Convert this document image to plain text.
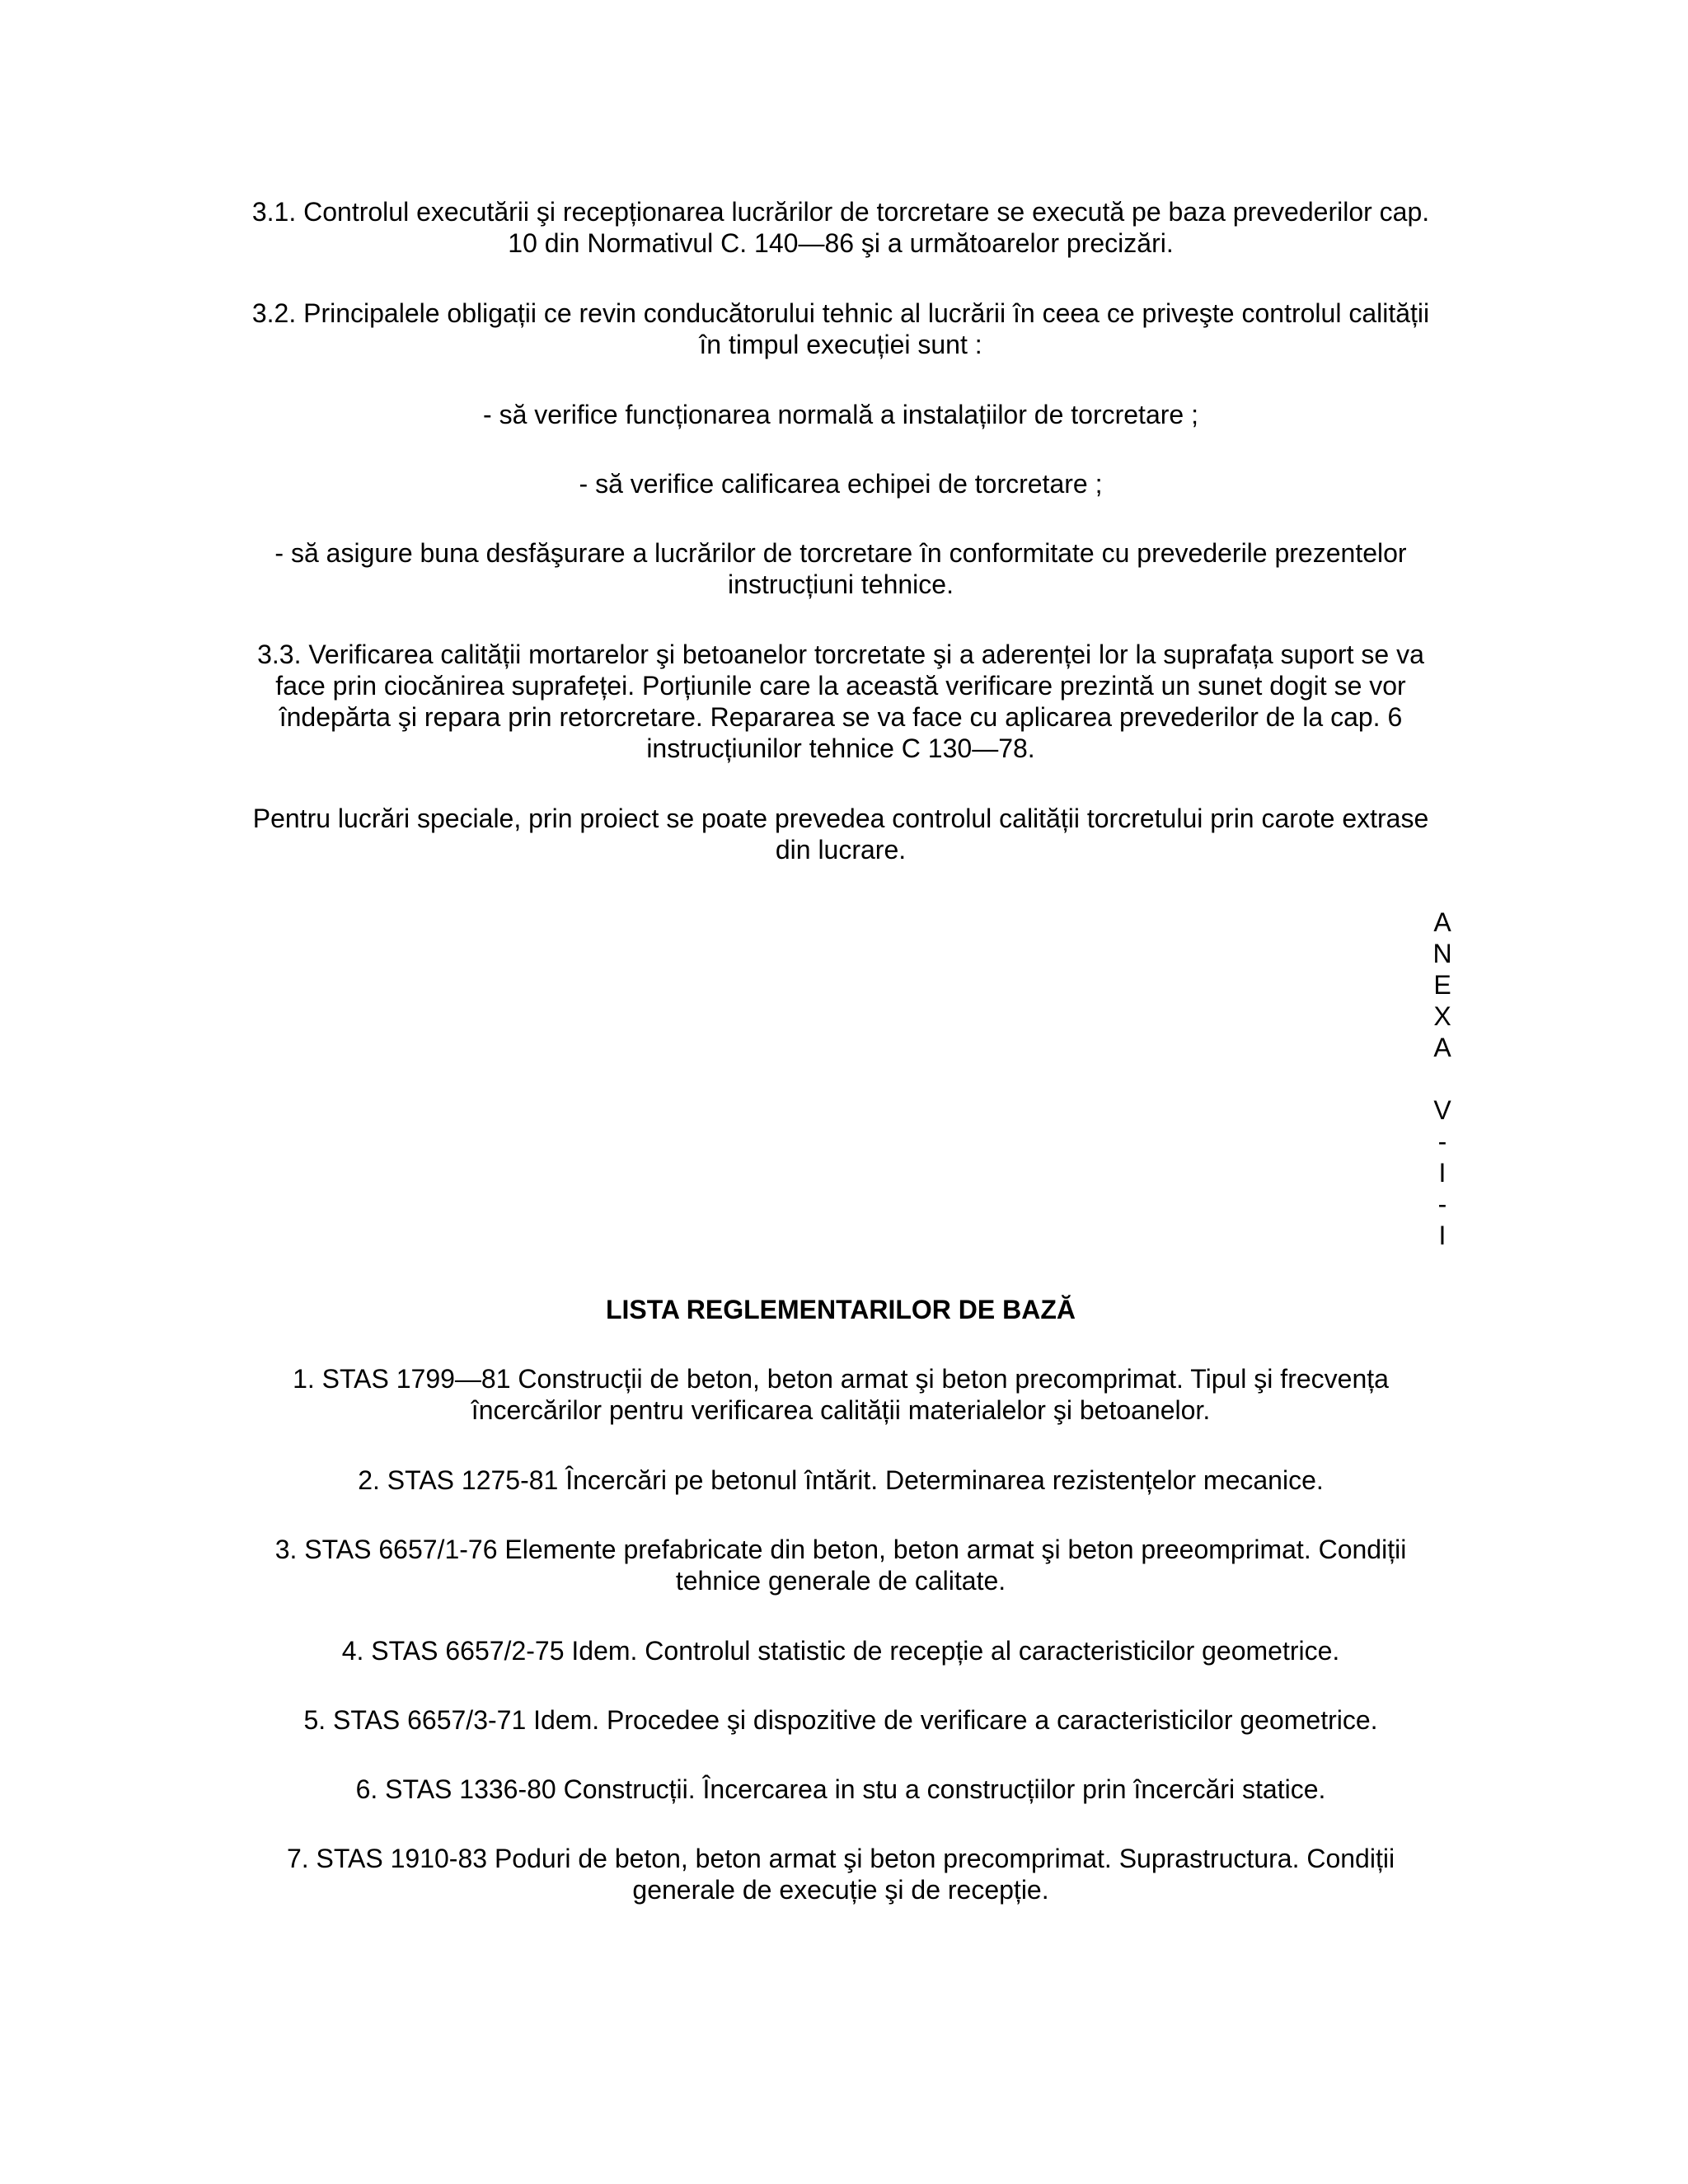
3.1. Controlul executării şi recepționarea lucrărilor de torcretare se execută pe baza prevederilor cap. 10 din Normativul C. 140—86 şi a următoarelor precizări.

3.2. Principalele obligații ce revin conducătorului tehnic al lucrării în ceea ce priveşte controlul calității în timpul execuției sunt :

- să verifice funcționarea normală a instalațiilor de torcretare ;

- să verifice calificarea echipei de torcretare ;

- să asigure buna desfăşurare a lucrărilor de torcretare în conformitate cu prevederile prezentelor instrucțiuni tehnice.

3.3. Verificarea calității mortarelor şi betoanelor torcretate şi a aderenței lor la suprafața suport se va face prin ciocănirea suprafeței. Porțiunile care la această verificare prezintă un sunet dogit se vor îndepărta şi repara prin retorcretare. Repararea se va face cu aplicarea prevederilor de la cap. 6 instrucțiunilor tehnice C 130—78.

Pentru lucrări speciale, prin proiect se poate prevedea controlul calității torcretului prin carote extrase din lucrare.

A
N
E
X
A
V
-
I
-
I

LISTA REGLEMENTARILOR DE BAZĂ

1. STAS 1799—81 Construcții de beton, beton armat şi beton precomprimat. Tipul şi frecvența încercărilor pentru verificarea calității materialelor şi betoanelor.

2. STAS 1275-81 Încercări pe betonul întărit. Determinarea rezistențelor mecanice.

3. STAS 6657/1-76 Elemente prefabricate din beton, beton armat şi beton preeomprimat. Condiții tehnice generale de calitate.

4. STAS 6657/2-75 Idem. Controlul statistic de recepție al caracteristicilor geometrice.

5. STAS 6657/3-71 Idem. Procedee şi dispozitive de verificare a caracteristicilor geometrice.

6. STAS 1336-80 Construcții. Încercarea in stu a construcțiilor prin încercări statice.

7. STAS 1910-83 Poduri de beton, beton armat şi beton precomprimat. Suprastructura. Condiții generale de execuție şi de recepție.
